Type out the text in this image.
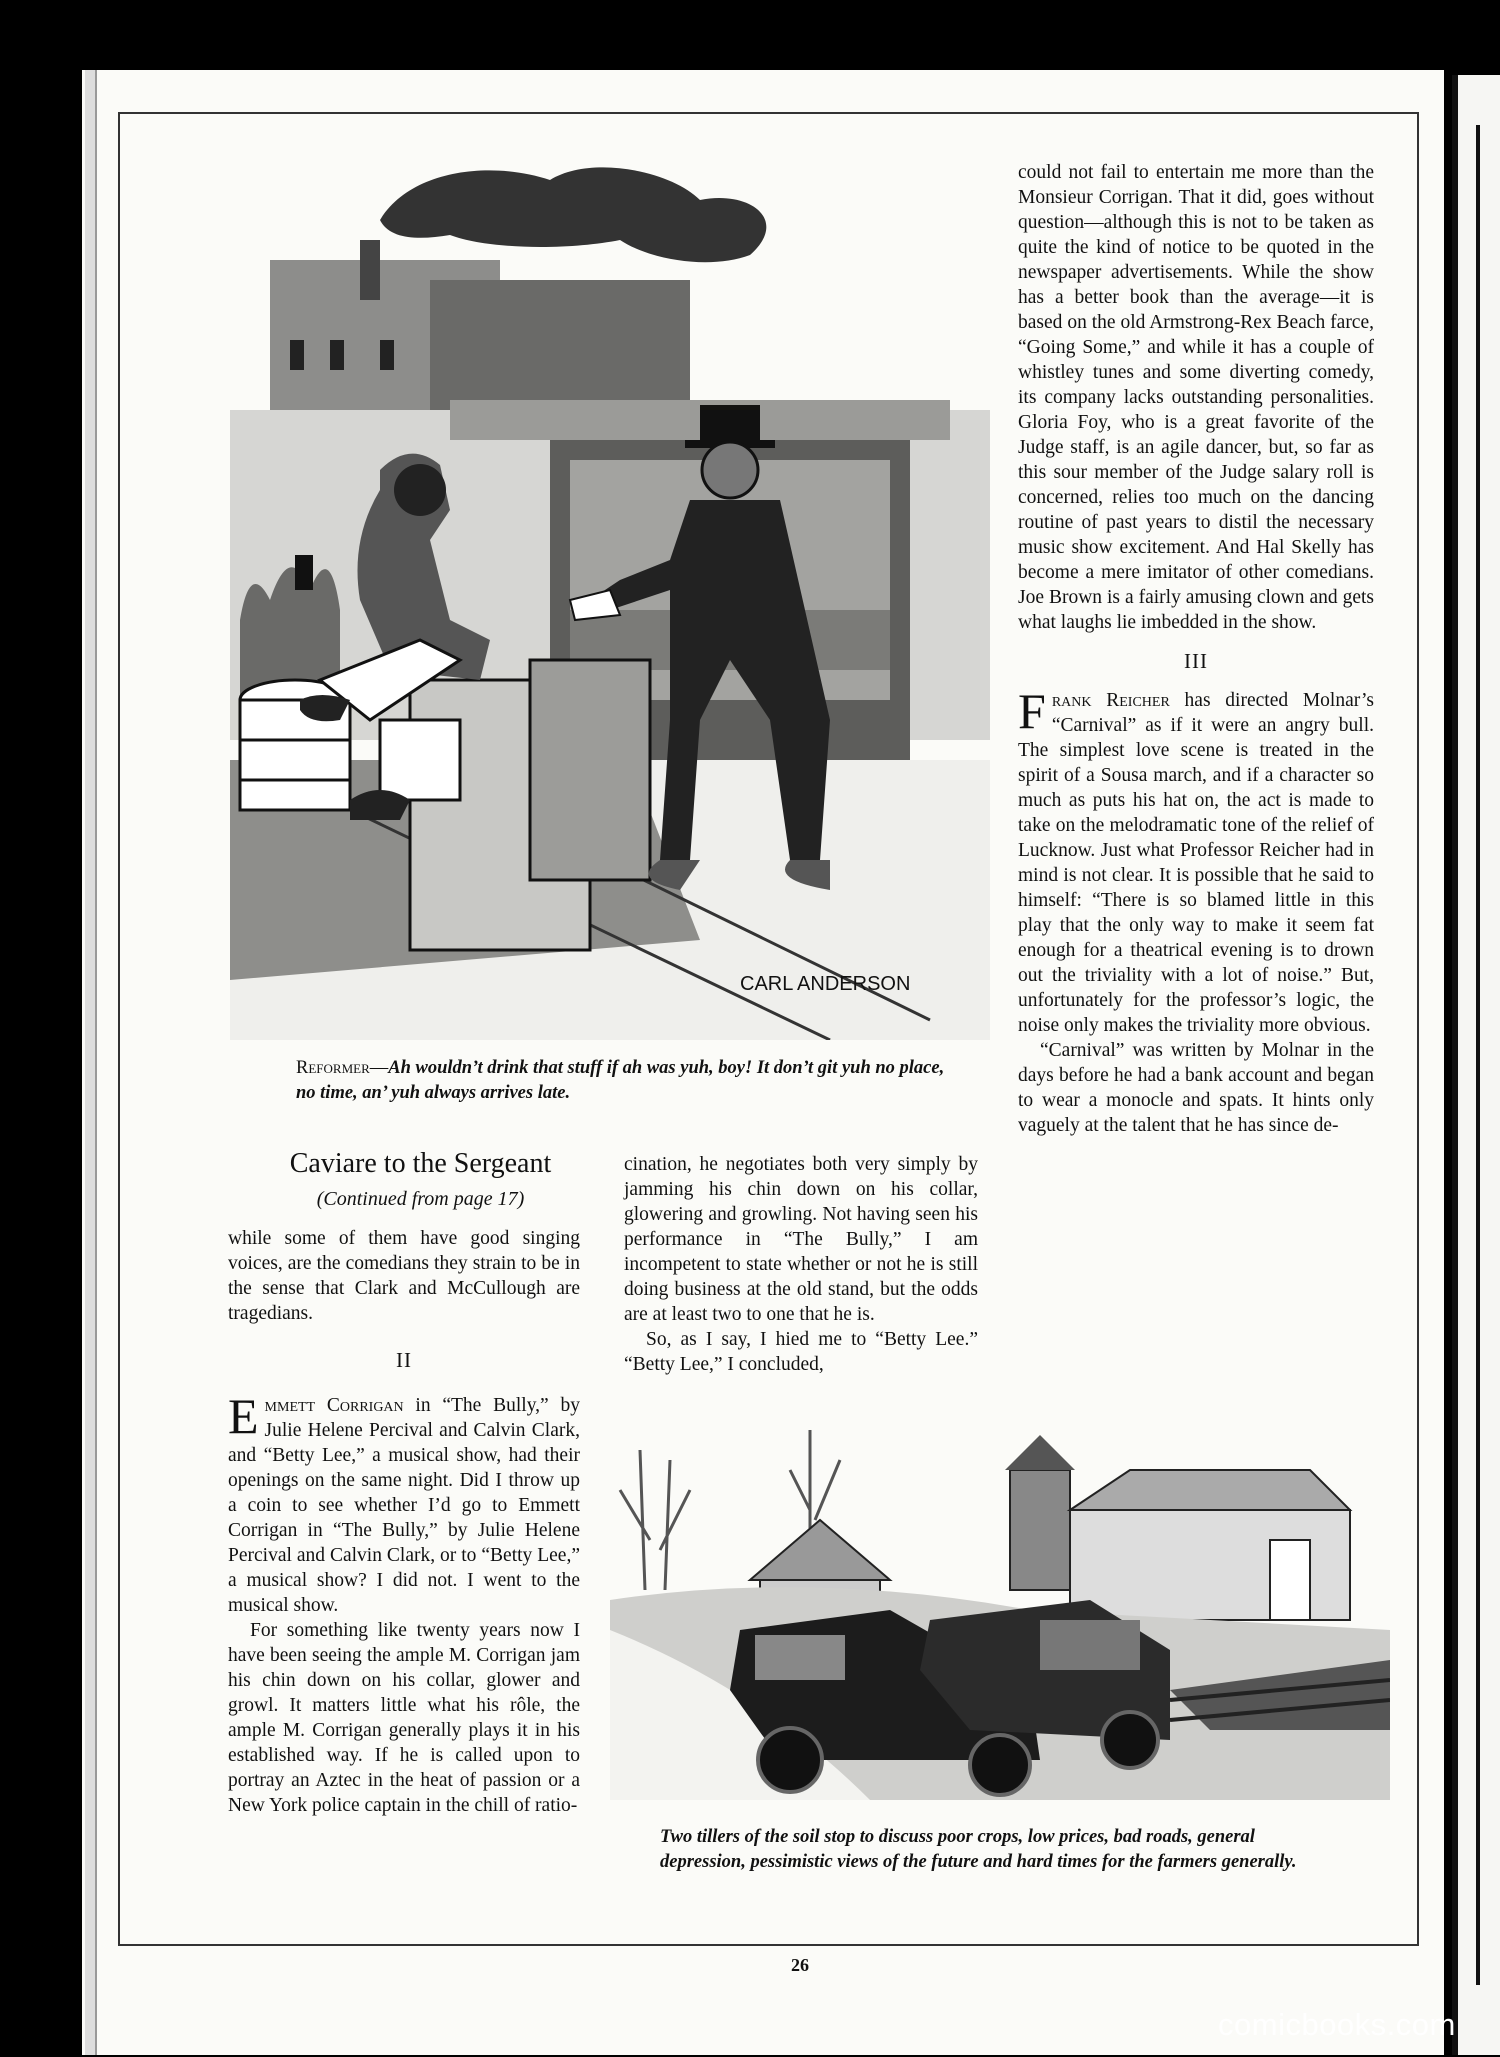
CARL ANDERSON
Reformer—Ah wouldn’t drink that stuff if ah was yuh, boy! It don’t git yuh no place, no time, an’ yuh always arrives late.

could not fail to entertain me more than the Monsieur Corrigan. That it did, goes without question—although this is not to be taken as quite the kind of notice to be quoted in the newspaper advertisements. While the show has a better book than the average—it is based on the old Armstrong-Rex Beach farce, “Going Some,” and while it has a couple of whistley tunes and some diverting comedy, its company lacks outstanding personalities. Gloria Foy, who is a great favorite of the Judge staff, is an agile dancer, but, so far as this sour member of the Judge salary roll is concerned, relies too much on the dancing routine of past years to distil the necessary music show excitement. And Hal Skelly has become a mere imitator of other comedians. Joe Brown is a fairly amusing clown and gets what laughs lie imbedded in the show.

III

Frank Reicher has directed Molnar’s “Carnival” as if it were an angry bull. The simplest love scene is treated in the spirit of a Sousa march, and if a character so much as puts his hat on, the act is made to take on the melodramatic tone of the relief of Lucknow. Just what Professor Reicher had in mind is not clear. It is possible that he said to himself: “There is so blamed little in this play that the only way to make it seem fat enough for a theatrical evening is to drown out the triviality with a lot of noise.” But, unfortunately for the professor’s logic, the noise only makes the triviality more obvious.

“Carnival” was written by Molnar in the days before he had a bank account and began to wear a monocle and spats. It hints only vaguely at the talent that he has since de-

Caviare to the Sergeant
(Continued from page 17)

while some of them have good singing voices, are the comedians they strain to be in the sense that Clark and McCullough are tragedians.

II

Emmett Corrigan in “The Bully,” by Julie Helene Percival and Calvin Clark, and “Betty Lee,” a musical show, had their openings on the same night. Did I throw up a coin to see whether I’d go to Emmett Corrigan in “The Bully,” by Julie Helene Percival and Calvin Clark, or to “Betty Lee,” a musical show? I did not. I went to the musical show.

For something like twenty years now I have been seeing the ample M. Corrigan jam his chin down on his collar, glower and growl. It matters little what his rôle, the ample M. Corrigan generally plays it in his established way. If he is called upon to portray an Aztec in the heat of passion or a New York police captain in the chill of ratio-

cination, he negotiates both very simply by jamming his chin down on his collar, glowering and growling. Not having seen his performance in “The Bully,” I am incompetent to state whether or not he is still doing business at the old stand, but the odds are at least two to one that he is.

So, as I say, I hied me to “Betty Lee.” “Betty Lee,” I concluded,

Two tillers of the soil stop to discuss poor crops, low prices, bad roads, general depression, pessimistic views of the future and hard times for the farmers generally.
26
comicbooks.com
